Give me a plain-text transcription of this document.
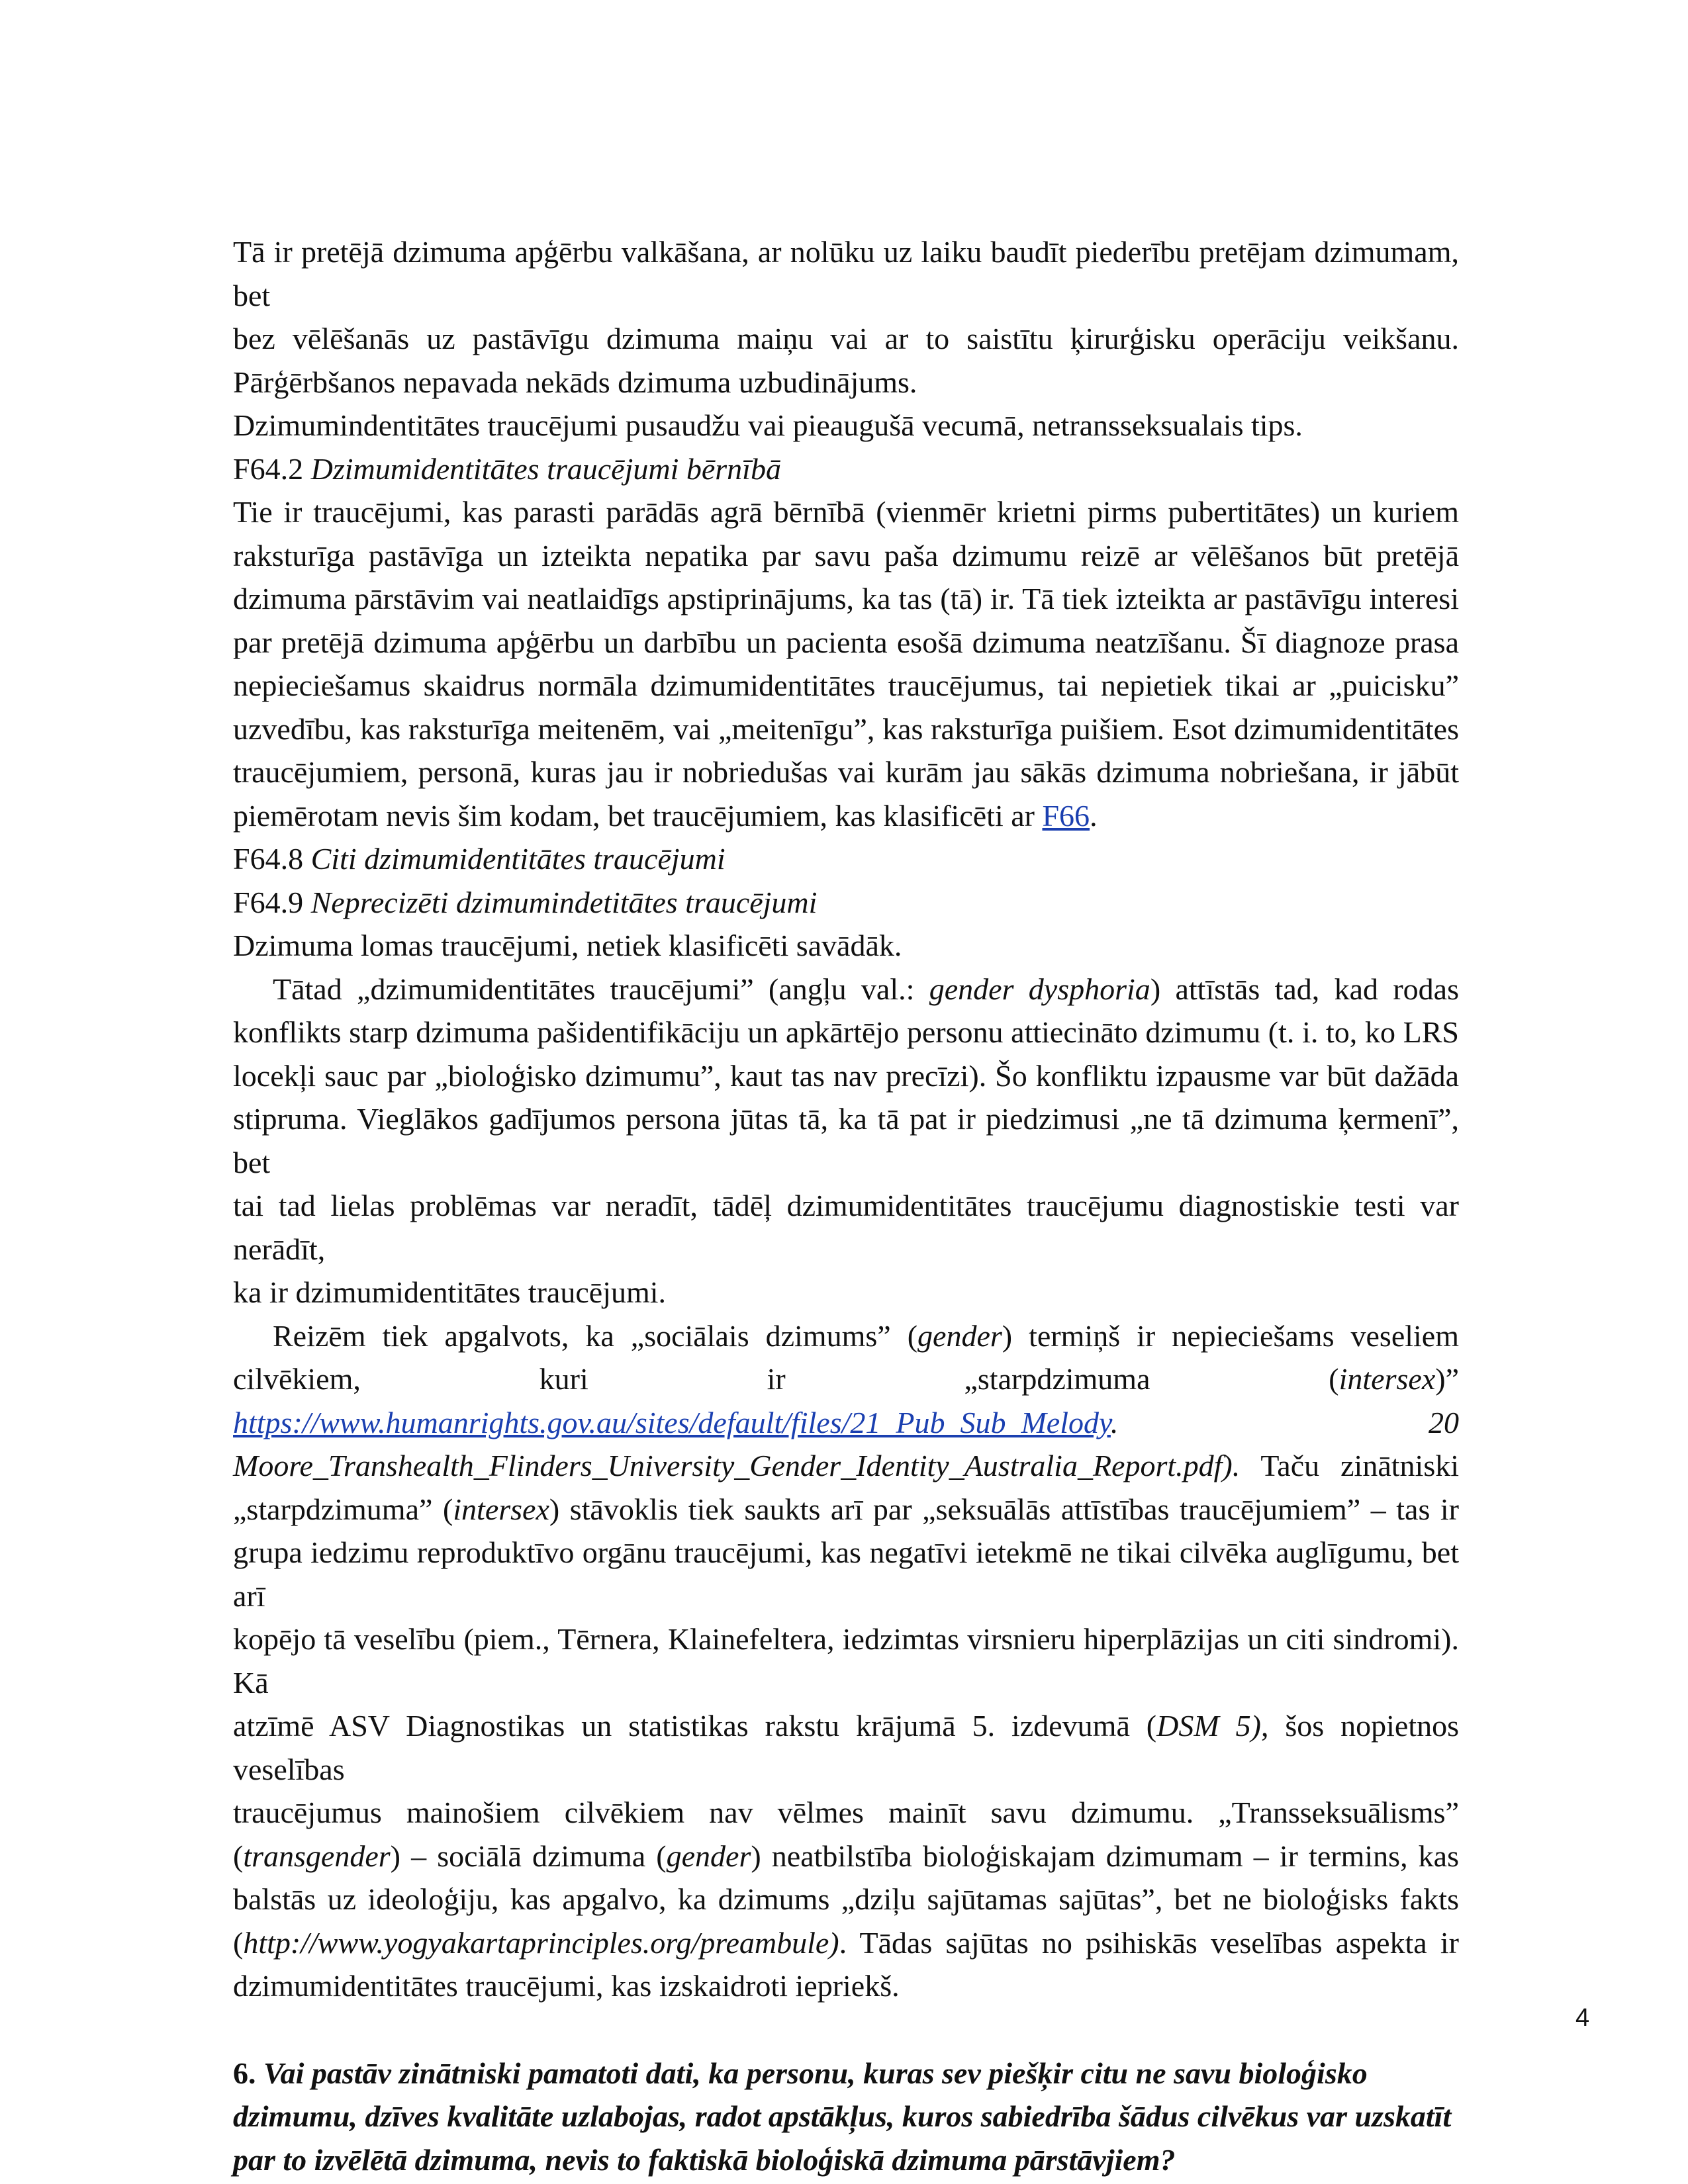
Tā ir pretējā dzimuma apģērbu valkāšana, ar nolūku uz laiku baudīt piederību pretējam dzimumam, bet

bez vēlēšanās uz pastāvīgu dzimuma maiņu vai ar to saistītu ķirurģisku operāciju veikšanu.

Pārģērbšanos nepavada nekāds dzimuma uzbudinājums.

Dzimumindentitātes traucējumi pusaudžu vai pieaugušā vecumā, netransseksualais tips.

F64.2 Dzimumidentitātes traucējumi bērnībā

Tie ir traucējumi, kas parasti parādās agrā bērnībā (vienmēr krietni pirms pubertitātes) un kuriem

raksturīga pastāvīga un izteikta nepatika par savu paša dzimumu reizē ar vēlēšanos būt pretējā

dzimuma pārstāvim vai neatlaidīgs apstiprinājums, ka tas (tā) ir. Tā tiek izteikta ar pastāvīgu interesi

par pretējā dzimuma apģērbu un darbību un pacienta esošā dzimuma neatzīšanu. Šī diagnoze prasa

nepieciešamus skaidrus normāla dzimumidentitātes traucējumus, tai nepietiek tikai ar „puicisku”

uzvedību, kas raksturīga meitenēm, vai „meitenīgu”, kas raksturīga puišiem. Esot dzimumidentitātes

traucējumiem, personā, kuras jau ir nobriedušas vai kurām jau sākās dzimuma nobriešana, ir jābūt

piemērotam nevis šim kodam, bet traucējumiem, kas klasificēti ar F66.

F64.8 Citi dzimumidentitātes traucējumi

F64.9 Neprecizēti dzimumindetitātes traucējumi

Dzimuma lomas traucējumi, netiek klasificēti savādāk.

Tātad „dzimumidentitātes traucējumi” (angļu val.: gender dysphoria) attīstās tad, kad rodas

konflikts starp dzimuma pašidentifikāciju un apkārtējo personu attiecināto dzimumu (t. i. to, ko LRS

locekļi sauc par „bioloģisko dzimumu”, kaut tas nav precīzi). Šo konfliktu izpausme var būt dažāda

stipruma. Vieglākos gadījumos persona jūtas tā, ka tā pat ir piedzimusi „ne tā dzimuma ķermenī”, bet

tai tad lielas problēmas var neradīt, tādēļ dzimumidentitātes traucējumu diagnostiskie testi var nerādīt,

ka ir dzimumidentitātes traucējumi.

Reizēm tiek apgalvots, ka „sociālais dzimums” (gender) termiņš ir nepieciešams veseliem

cilvēkiem, kuri ir „starpdzimuma (intersex)”

https://www.humanrights.gov.au/sites/default/files/21_Pub_Sub_Melody. 20

Moore_Transhealth_Flinders_University_Gender_Identity_Australia_Report.pdf). Taču zinātniski

„starpdzimuma” (intersex) stāvoklis tiek saukts arī par „seksuālās attīstības traucējumiem” – tas ir

grupa iedzimu reproduktīvo orgānu traucējumi, kas negatīvi ietekmē ne tikai cilvēka auglīgumu, bet arī

kopējo tā veselību (piem., Tērnera, Klainefeltera, iedzimtas virsnieru hiperplāzijas un citi sindromi). Kā

atzīmē ASV Diagnostikas un statistikas rakstu krājumā 5. izdevumā (DSM 5), šos nopietnos veselības

traucējumus mainošiem cilvēkiem nav vēlmes mainīt savu dzimumu. „Transseksuālisms”

(transgender) – sociālā dzimuma (gender) neatbilstība bioloģiskajam dzimumam – ir termins, kas

balstās uz ideoloģiju, kas apgalvo, ka dzimums „dziļu sajūtamas sajūtas”, bet ne bioloģisks fakts

(http://www.yogyakartaprinciples.org/preambule). Tādas sajūtas no psihiskās veselības aspekta ir

dzimumidentitātes traucējumi, kas izskaidroti iepriekš.

6. Vai pastāv zinātniski pamatoti dati, ka personu, kuras sev piešķir citu ne savu bioloģisko

dzimumu, dzīves kvalitāte uzlabojas, radot apstākļus, kuros sabiedrība šādus cilvēkus var uzskatīt

par to izvēlētā dzimuma, nevis to faktiskā bioloģiskā dzimuma pārstāvjiem?

4
